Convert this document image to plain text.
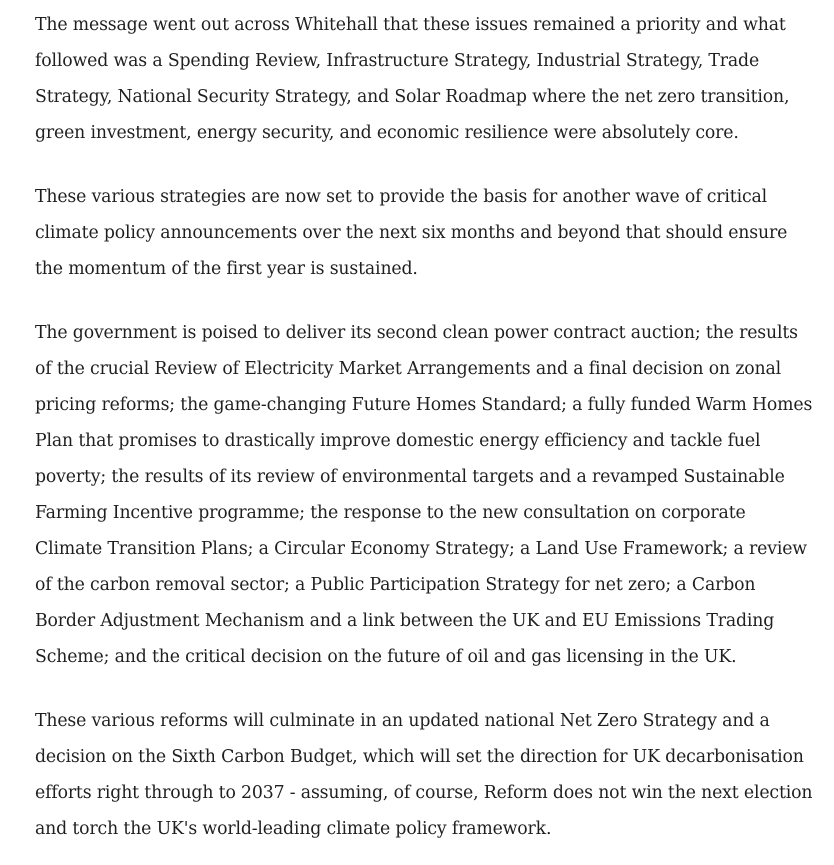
The message went out across Whitehall that these issues remained a priority and what followed was a Spending Review, Infrastructure Strategy, Industrial Strategy, Trade Strategy, National Security Strategy, and Solar Roadmap where the net zero transition, green investment, energy security, and economic resilience were absolutely core.

These various strategies are now set to provide the basis for another wave of critical climate policy announcements over the next six months and beyond that should ensure the momentum of the first year is sustained.

The government is poised to deliver its second clean power contract auction; the results of the crucial Review of Electricity Market Arrangements and a final decision on zonal pricing reforms; the game-changing Future Homes Standard; a fully funded Warm Homes Plan that promises to drastically improve domestic energy efficiency and tackle fuel poverty; the results of its review of environmental targets and a revamped Sustainable Farming Incentive programme; the response to the new consultation on corporate Climate Transition Plans; a Circular Economy Strategy; a Land Use Framework; a review of the carbon removal sector; a Public Participation Strategy for net zero; a Carbon Border Adjustment Mechanism and a link between the UK and EU Emissions Trading Scheme; and the critical decision on the future of oil and gas licensing in the UK.

These various reforms will culminate in an updated national Net Zero Strategy and a decision on the Sixth Carbon Budget, which will set the direction for UK decarbonisation efforts right through to 2037 - assuming, of course, Reform does not win the next election and torch the UK's world-leading climate policy framework.
